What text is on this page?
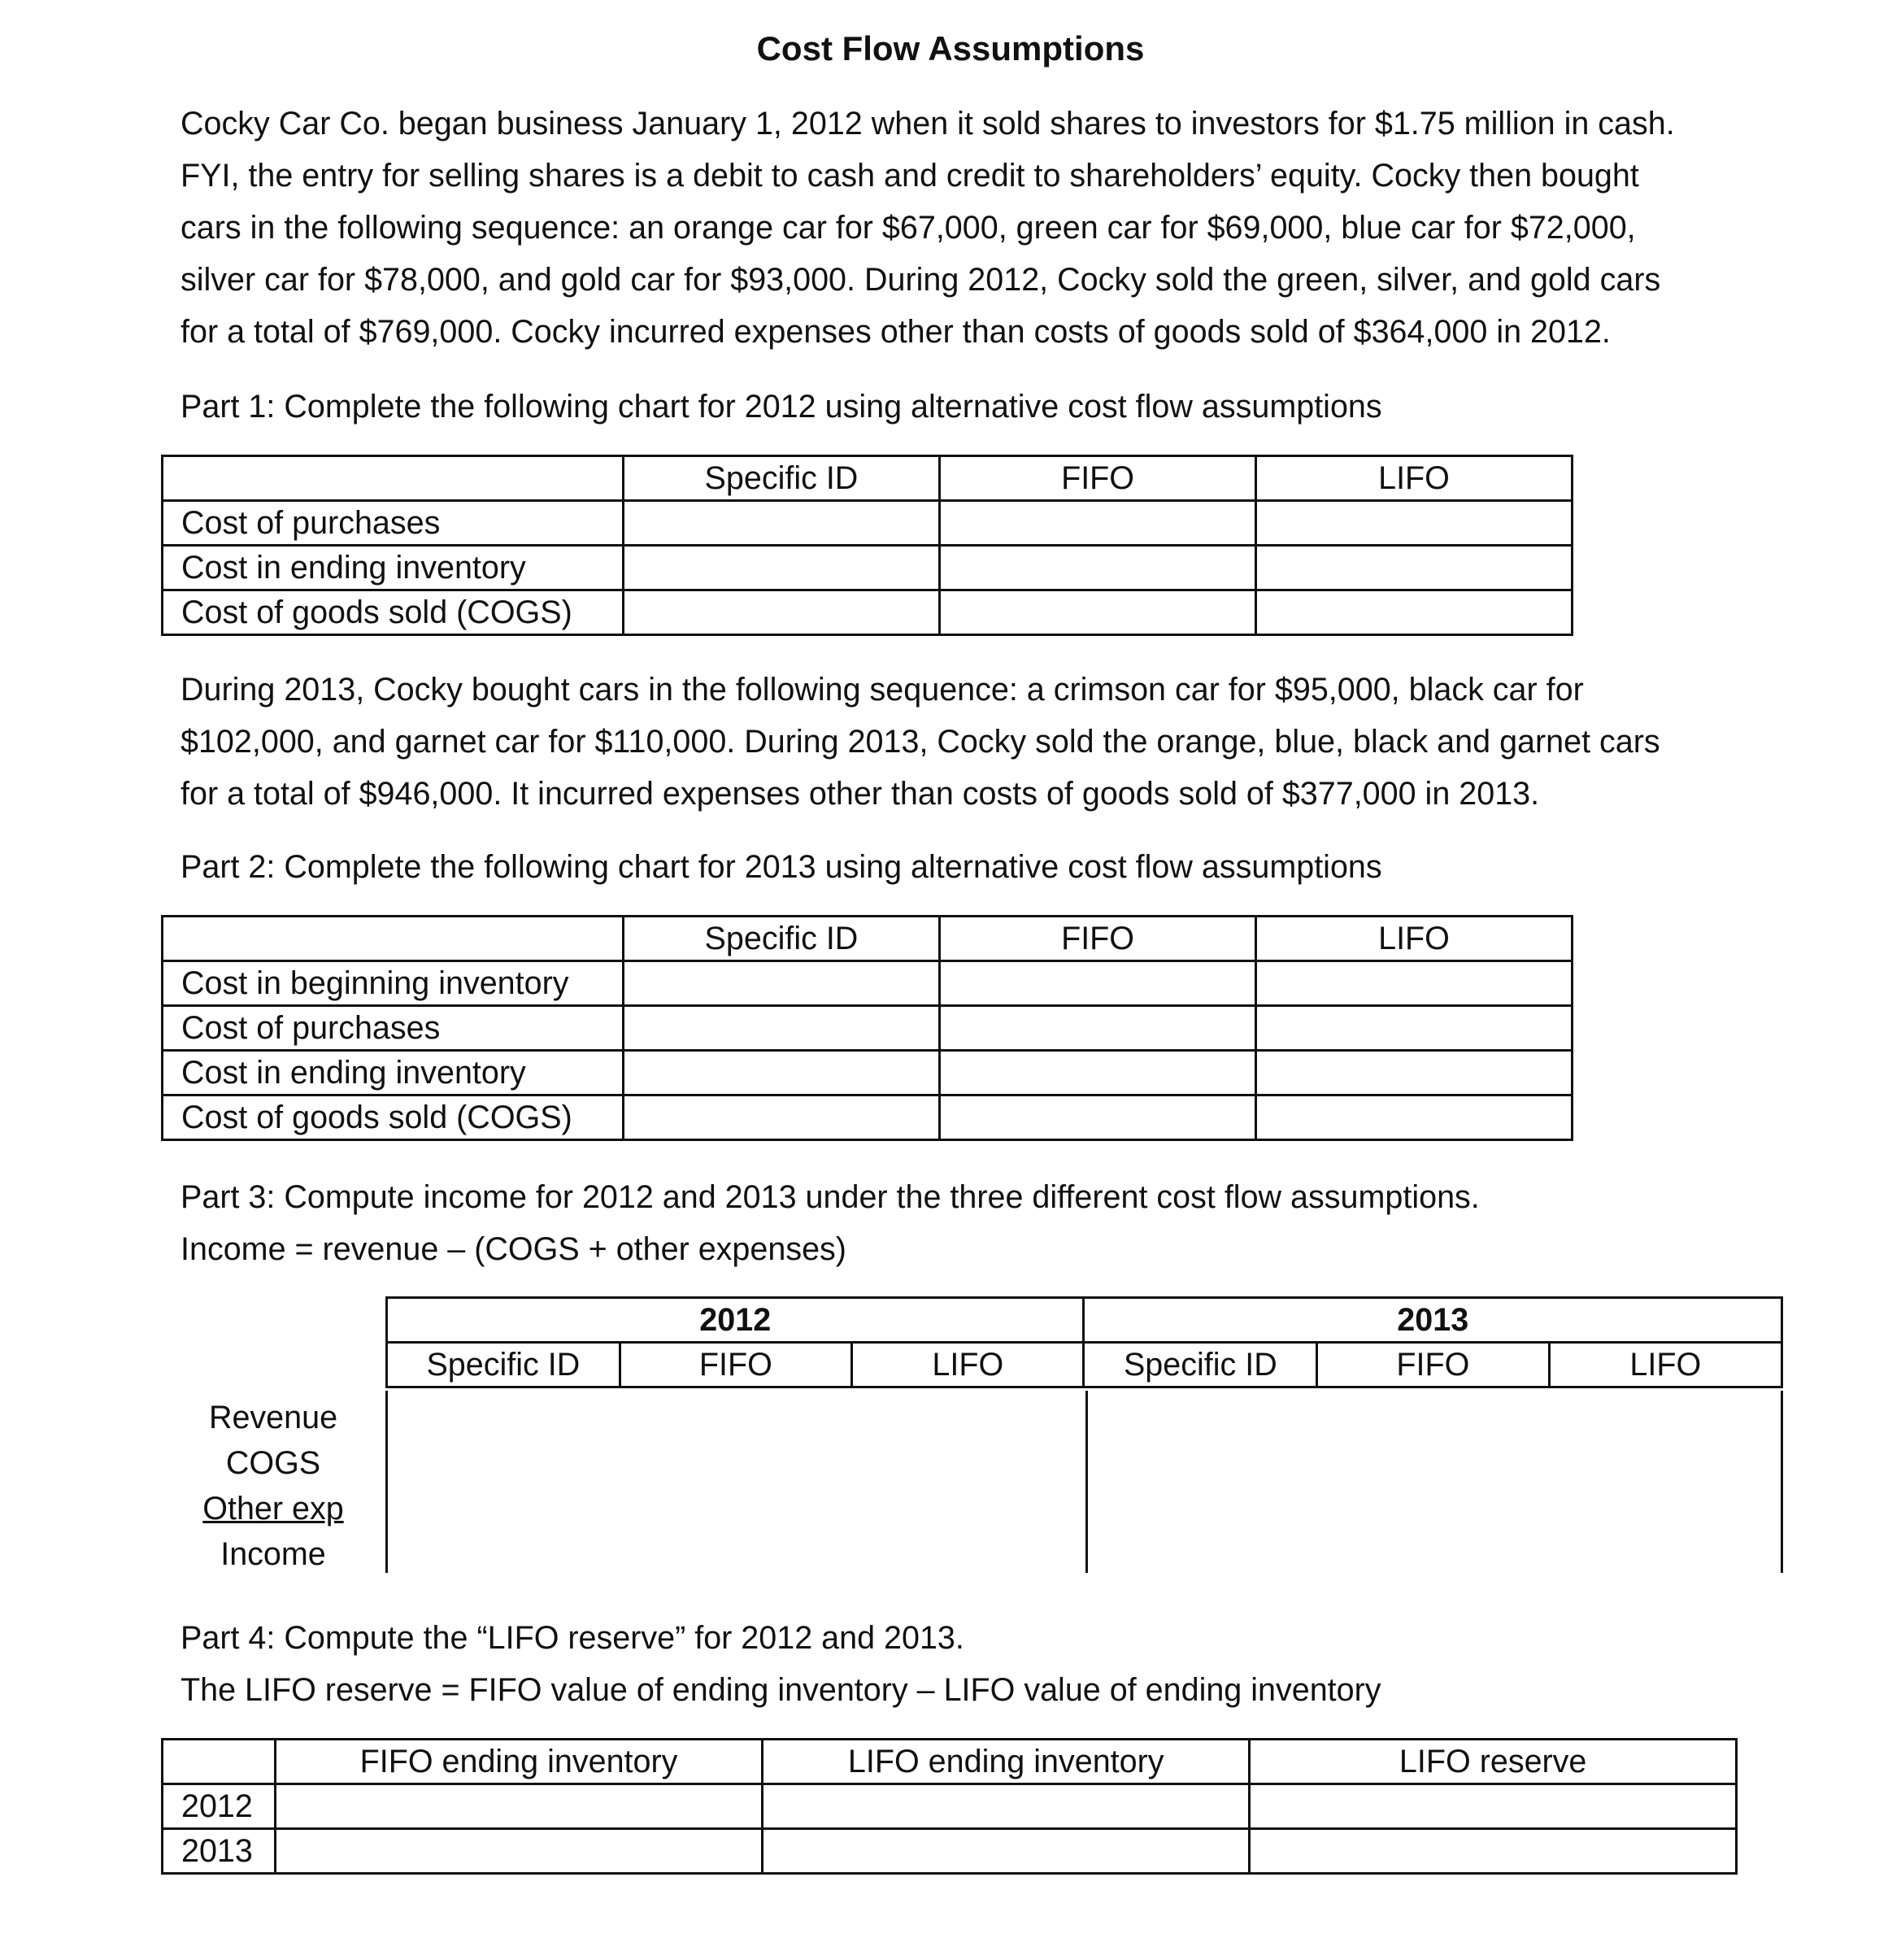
Cost Flow Assumptions

Cocky Car Co. began business January 1, 2012 when it sold shares to investors for $1.75 million in cash.

FYI, the entry for selling shares is a debit to cash and credit to shareholders’ equity. Cocky then bought

cars in the following sequence: an orange car for $67,000, green car for $69,000, blue car for $72,000,

silver car for $78,000, and gold car for $93,000. During 2012, Cocky sold the green, silver, and gold cars

for a total of $769,000. Cocky incurred expenses other than costs of goods sold of $364,000 in 2012.

Part 1: Complete the following chart for 2012 using alternative cost flow assumptions
	Specific ID	FIFO	LIFO
Cost of purchases			
Cost in ending inventory			
Cost of goods sold (COGS)			

During 2013, Cocky bought cars in the following sequence: a crimson car for $95,000, black car for

$102,000, and garnet car for $110,000. During 2013, Cocky sold the orange, blue, black and garnet cars

for a total of $946,000. It incurred expenses other than costs of goods sold of $377,000 in 2013.

Part 2: Complete the following chart for 2013 using alternative cost flow assumptions
	Specific ID	FIFO	LIFO
Cost in beginning inventory			
Cost of purchases			
Cost in ending inventory			
Cost of goods sold (COGS)			
Part 3: Compute income for 2012 and 2013 under the three different cost flow assumptions.
Income = revenue – (COGS + other expenses)
2012			2013		
Specific ID	FIFO	LIFO	Specific ID	FIFO	LIFO
Revenue
COGS
Other exp
Income
Part 4: Compute the “LIFO reserve” for 2012 and 2013.
The LIFO reserve = FIFO value of ending inventory – LIFO value of ending inventory
	FIFO ending inventory	LIFO ending inventory	LIFO reserve
2012			
2013			
